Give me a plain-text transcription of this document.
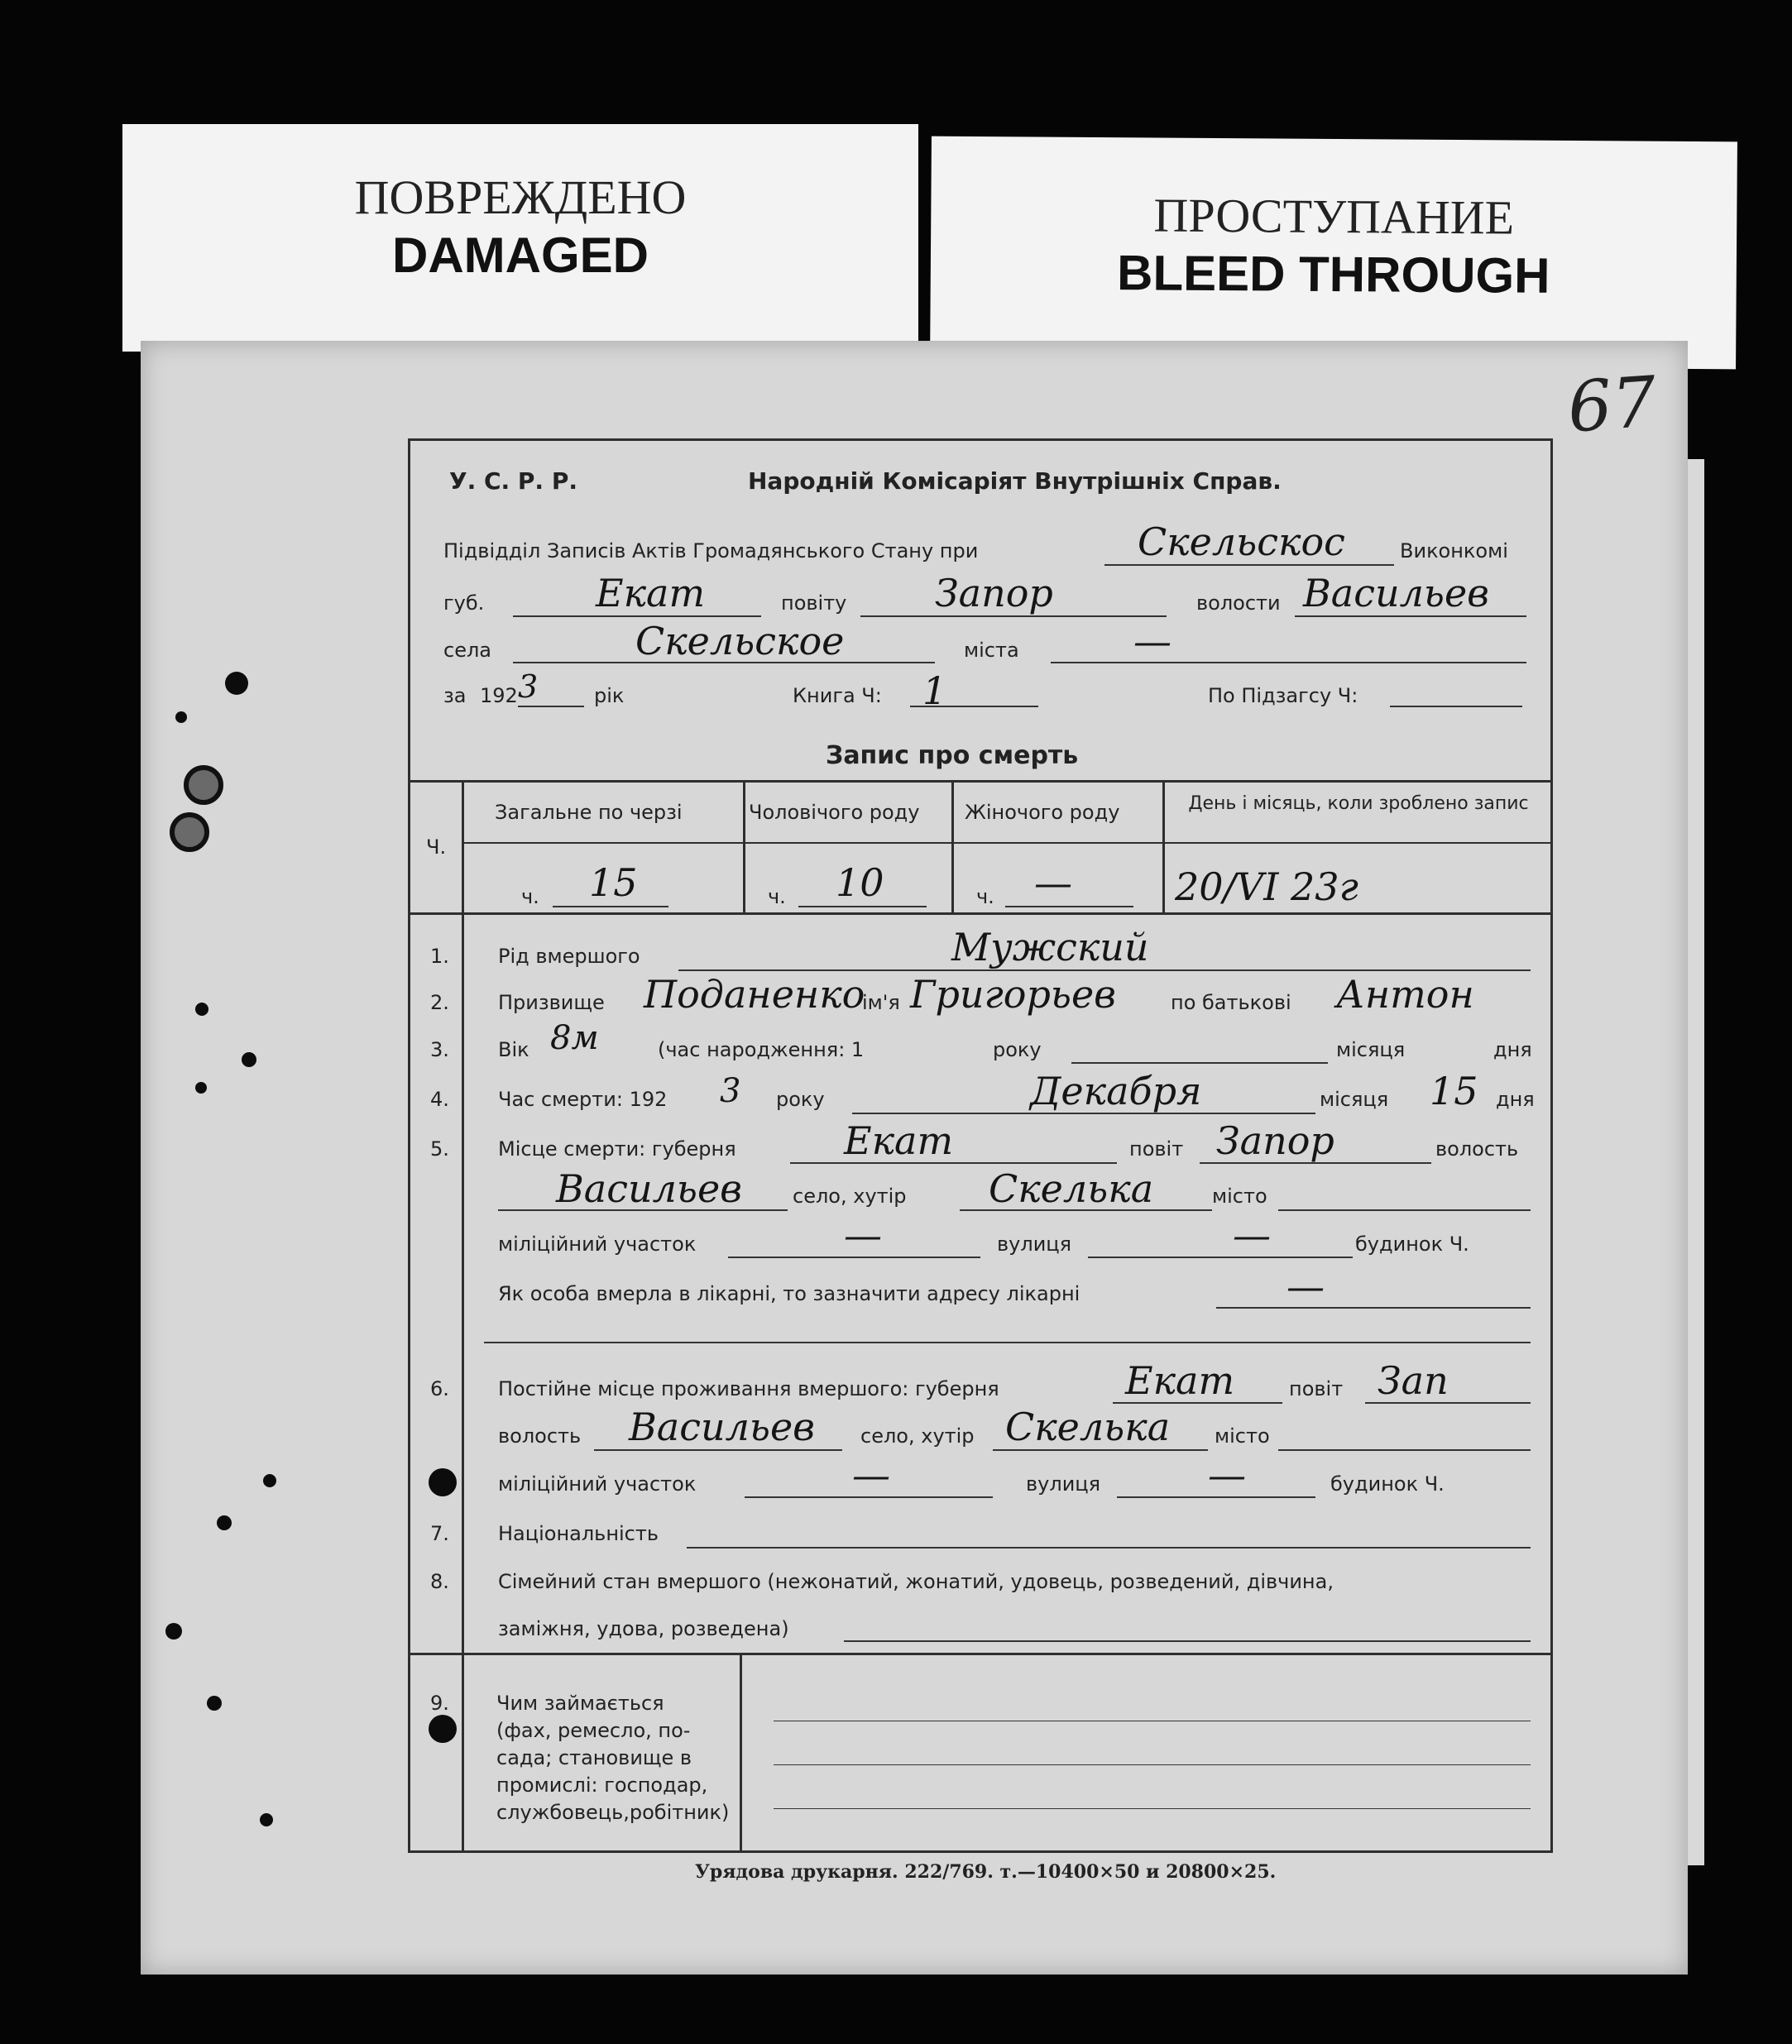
ПОВРЕЖДЕНО
DAMAGED
ПРОСТУПАНИЕ
BLEED THROUGH
67
У. С. Р. Р.	Народній Комісаріят Внутрішніх Справ.
Підвідділ Записів Актів Громадянського Стану при	Скельскос	Виконкомі
губ.	Екат	повіту Запор	волости Васильев
села	Скельское	міста	—
за 192 3	рік	Книга Ч: 1	По Підзагсу Ч:
Запис про смерть
Ч.
Загальне по черзі	Чоловічого роду Жіночого роду	День і місяць, коли зроблено запис
ч. 15	ч. 10	ч. —	20/VI 23г
1. Рід вмершого	Мужский
2. Призвище Поданенко
ім'я Григорьев	по батькові Антон
3. Вік 8м	(час народження: 1	року	місяця	дня
4. Час смерти: 192 3 року	Декабря	місяця 15 дня
5. Місце смерти: губерня	Екат	повіт Запор	волость
Васильев	село, хутір Скелька	місто
міліційний участок	—	вулиця	—	будинок Ч.
Як особа вмерла в лікарні, то зазначити адресу лікарні	—
6. Постійне місце проживання вмершого: губерня	Екат	повіт Зап
волость Васильев село, хутір Скелька місто
міліційний участок	—	вулиця	—	будинок Ч.
7. Національність
8. Сімейний стан вмершого (нежонатий, жонатий, удовець, розведений, дівчина,
заміжня, удова, розведена)
9. Чим займається
(фах, ремесло, по-
сада; становище в
промислі: господар,
службовець,робітник)
Урядова друкарня. 222/769. т.—10400×50 и 20800×25.
